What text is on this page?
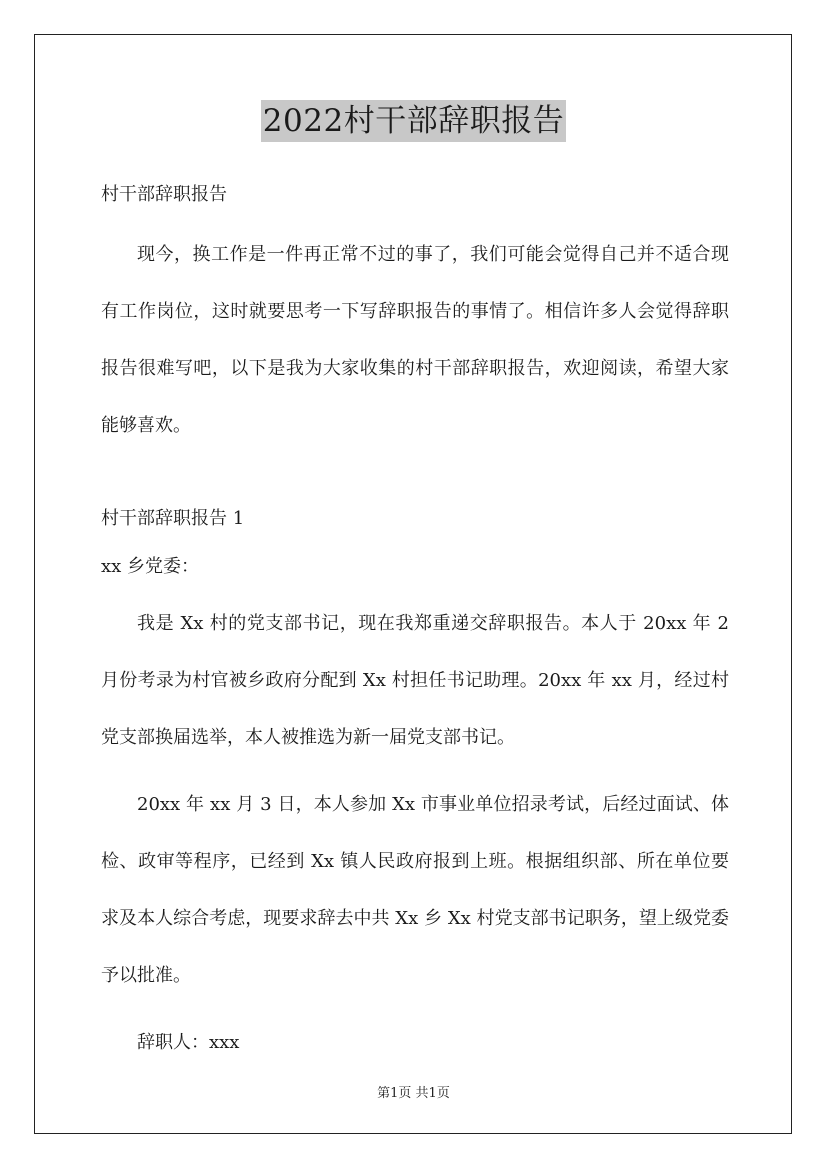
2022村干部辞职报告
村干部辞职报告

现今，换工作是一件再正常不过的事了，我们可能会觉得自己并不适合现有工作岗位，这时就要思考一下写辞职报告的事情了。相信许多人会觉得辞职报告很难写吧，以下是我为大家收集的村干部辞职报告，欢迎阅读，希望大家能够喜欢。

村干部辞职报告 1

xx 乡党委：

我是 Xx 村的党支部书记，现在我郑重递交辞职报告。本人于 20xx 年 2 月份考录为村官被乡政府分配到 Xx 村担任书记助理。20xx 年 xx 月，经过村党支部换届选举，本人被推选为新一届党支部书记。

20xx 年 xx 月 3 日，本人参加 Xx 市事业单位招录考试，后经过面试、体检、政审等程序，已经到 Xx 镇人民政府报到上班。根据组织部、所在单位要求及本人综合考虑，现要求辞去中共 Xx 乡 Xx 村党支部书记职务，望上级党委予以批准。

辞职人：xxx

第1页 共1页
